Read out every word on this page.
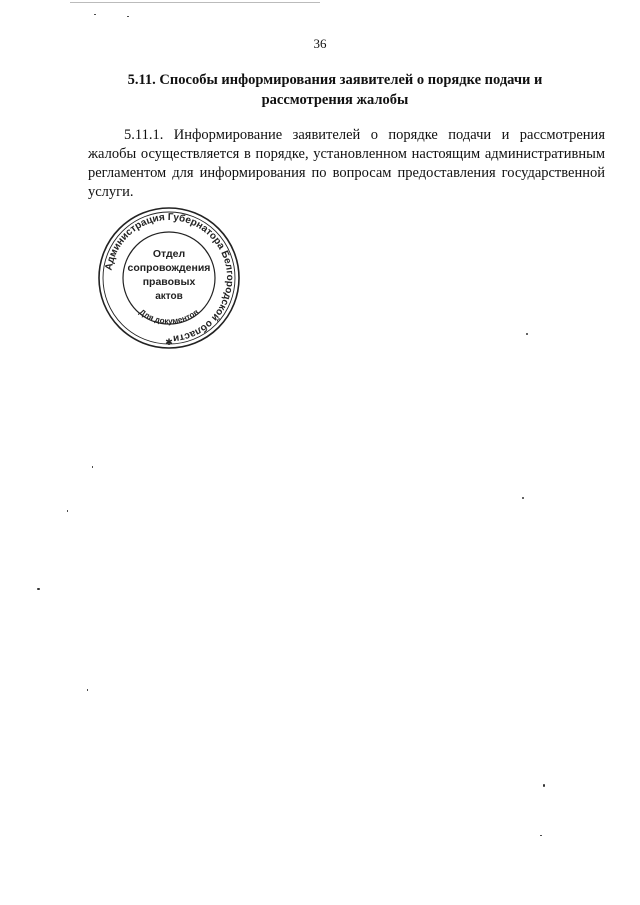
36
5.11. Способы информирования заявителей о порядке подачи и
рассмотрения жалобы
5.11.1. Информирование заявителей о порядке подачи и рассмотрения жалобы осуществляется в порядке, установленном настоящим административным регламентом для информирования по вопросам предоставления государственной услуги.
Администрация Губернатора Белгородской области
Для документов
Отдел
сопровождения
правовых
актов
✱
